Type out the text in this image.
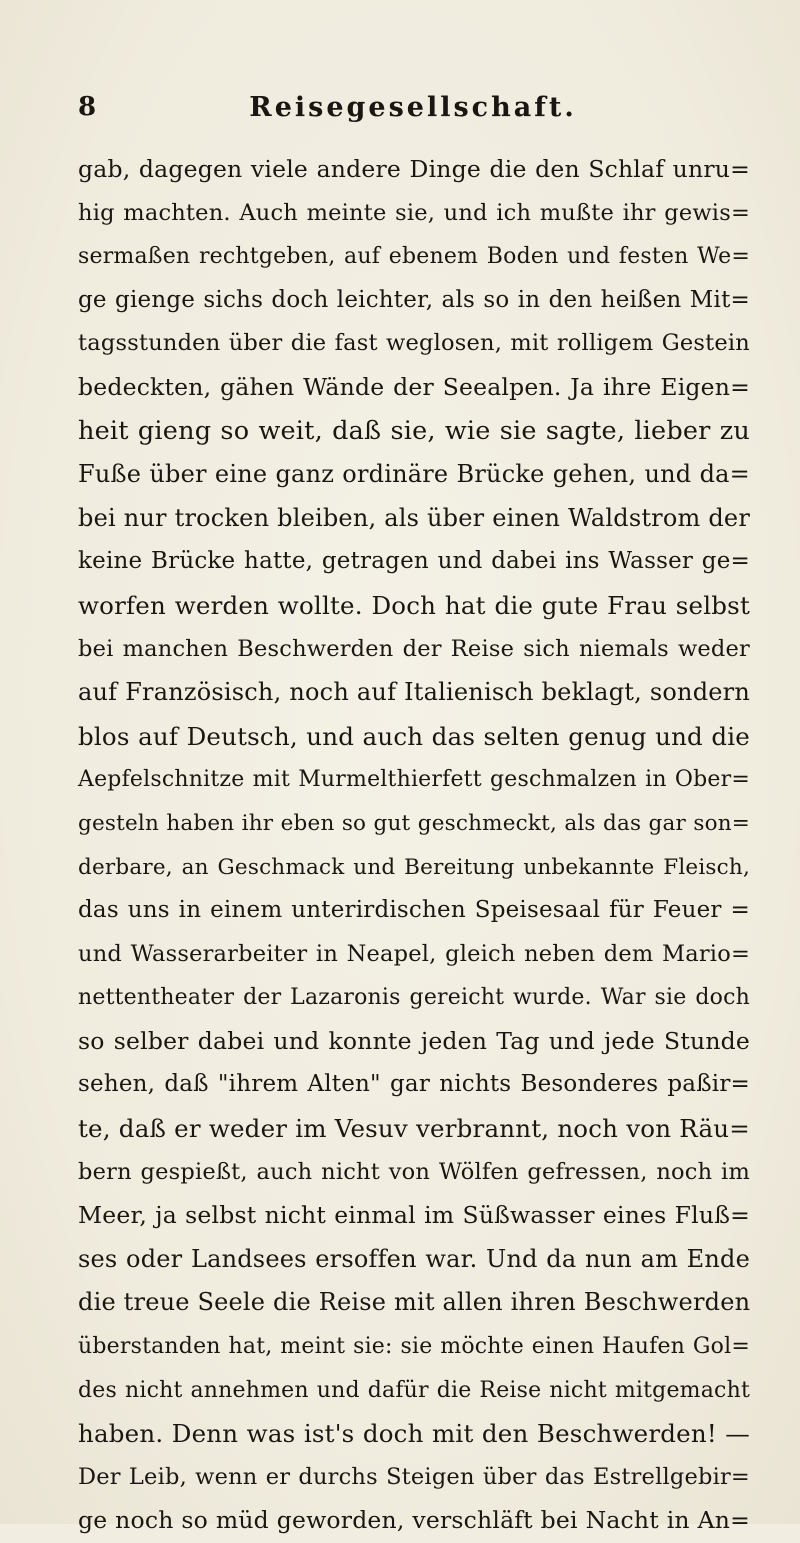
8	Reisegesellschaft.
gab, dagegen viele andere Dinge die den Schlaf unru=
hig machten. Auch meinte sie, und ich mußte ihr gewis=
sermaßen rechtgeben, auf ebenem Boden und festen We=
ge gienge sichs doch leichter, als so in den heißen Mit=
tagsstunden über die fast weglosen, mit rolligem Gestein
bedeckten, gähen Wände der Seealpen. Ja ihre Eigen=
heit gieng so weit, daß sie, wie sie sagte, lieber zu
Fuße über eine ganz ordinäre Brücke gehen, und da=
bei nur trocken bleiben, als über einen Waldstrom der
keine Brücke hatte, getragen und dabei ins Wasser ge=
worfen werden wollte. Doch hat die gute Frau selbst
bei manchen Beschwerden der Reise sich niemals weder
auf Französisch, noch auf Italienisch beklagt, sondern
blos auf Deutsch, und auch das selten genug und die
Aepfelschnitze mit Murmelthierfett geschmalzen in Ober=
gesteln haben ihr eben so gut geschmeckt, als das gar son=
derbare, an Geschmack und Bereitung unbekannte Fleisch,
das uns in einem unterirdischen Speisesaal für Feuer =
und Wasserarbeiter in Neapel, gleich neben dem Mario=
nettentheater der Lazaronis gereicht wurde. War sie doch
so selber dabei und konnte jeden Tag und jede Stunde
sehen, daß "ihrem Alten" gar nichts Besonderes paßir=
te, daß er weder im Vesuv verbrannt, noch von Räu=
bern gespießt, auch nicht von Wölfen gefressen, noch im
Meer, ja selbst nicht einmal im Süßwasser eines Fluß=
ses oder Landsees ersoffen war. Und da nun am Ende
die treue Seele die Reise mit allen ihren Beschwerden
überstanden hat, meint sie: sie möchte einen Haufen Gol=
des nicht annehmen und dafür die Reise nicht mitgemacht
haben. Denn was ist's doch mit den Beschwerden! —
Der Leib, wenn er durchs Steigen über das Estrellgebir=
ge noch so müd geworden, verschläft bei Nacht in An=
